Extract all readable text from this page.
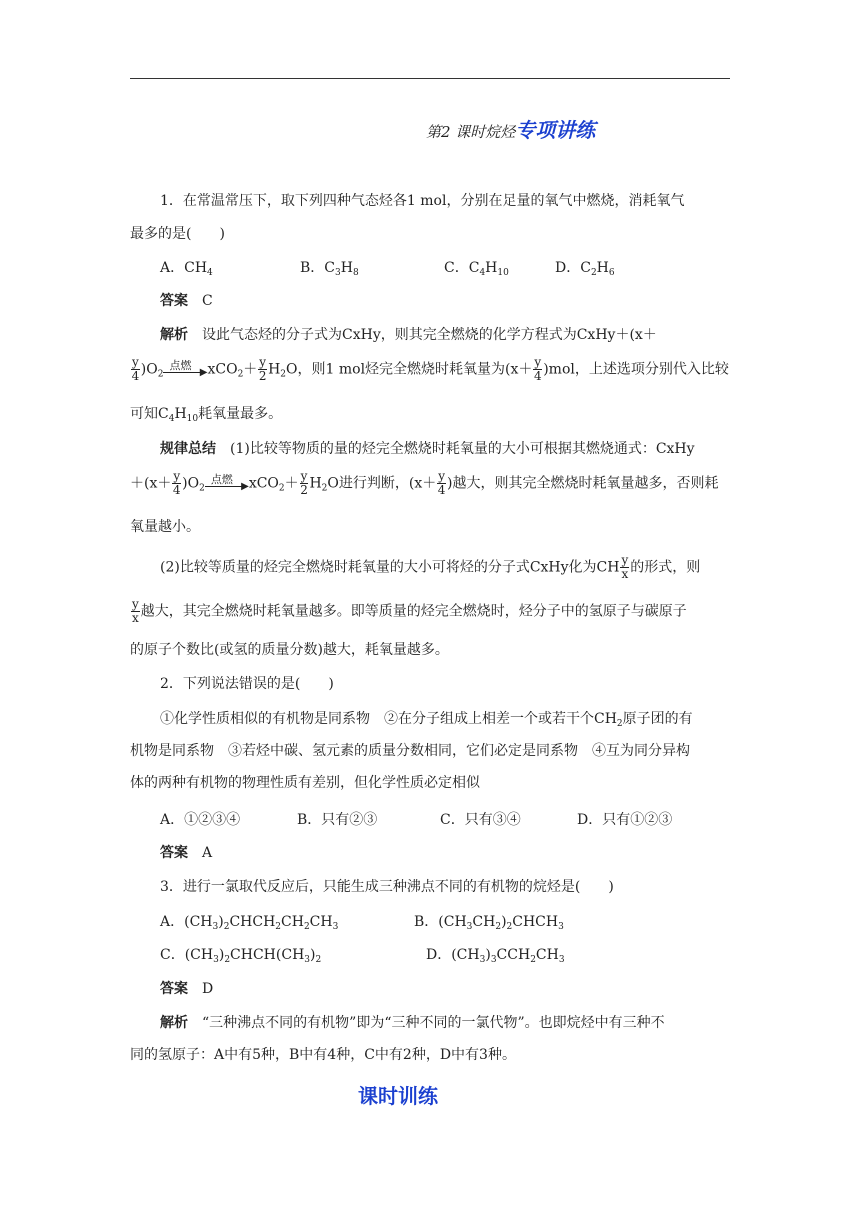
第2 课时烷烃专项讲练
1．在常温常压下，取下列四种气态烃各1 mol，分别在足量的氧气中燃烧，消耗氧气
最多的是(　　)
A．$CH_4$	B．$C_3H_8$	C．$C_4H_{10}$	D．$C_2H_6$
答案　 C
解析　 设此气态烃的分子式为CxHy，则其完全燃烧的化学方程式为CxHy＋(x＋
$\frac{y}{4} )O_2$
点燃
▶ $xCO_2+ \frac{y}{2} H_2O$，则1 mol烃完全燃烧时耗氧量为$(x+ \frac{y}{4} )mol$，上述选项分别代入比较
可知$C_4H_{10}$耗氧量最多。
规律总结　 (1)比较等物质的量的烃完全燃烧时耗氧量的大小可根据其燃烧通式：CxHy
$+(x+ \frac{y}{4} )O_2$
点燃
▶ $xCO_2+ \frac{y}{2} H_2O$进行判断，($x+ \frac{y}{4}$ )越大，则其完全燃烧时耗氧量越多，否则耗
氧量越小。
(2)比较等质量的烃完全燃烧时耗氧量的大小可将烃的分子式CxHy化为CH $\frac{y}{x}$ 的形式，则
$\frac{y}{x}$ 越大，其完全燃烧时耗氧量越多。即等质量的烃完全燃烧时，烃分子中的氢原子与碳原子
的原子个数比(或氢的质量分数)越大，耗氧量越多。
2．下列说法错误的是(　　)
①化学性质相似的有机物是同系物　②在分子组成上相差一个或若干个$CH_2$原子团的有
机物是同系物　③若烃中碳、氢元素的质量分数相同，它们必定是同系物　④互为同分异构
体的两种有机物的物理性质有差别，但化学性质必定相似
A．①②③④	B．只有②③	C．只有③④	D．只有①②③
答案　 A
3．进行一氯取代反应后，只能生成三种沸点不同的有机物的烷烃是(　　)
A．$(CH_3)_2CHCH_2CH_2CH_3$	B．$(CH_3CH_2)_2CHCH_3$
C．$(CH_3)_2CHCH(CH_3)_2$	D．$(CH_3)_3CCH_2CH_3$
答案　 D
解析　 “三种沸点不同的有机物”即为“三种不同的一氯代物”。也即烷烃中有三种不
同的氢原子：A中有5种，B中有4种，C中有2种，D中有3种。
课时训练
